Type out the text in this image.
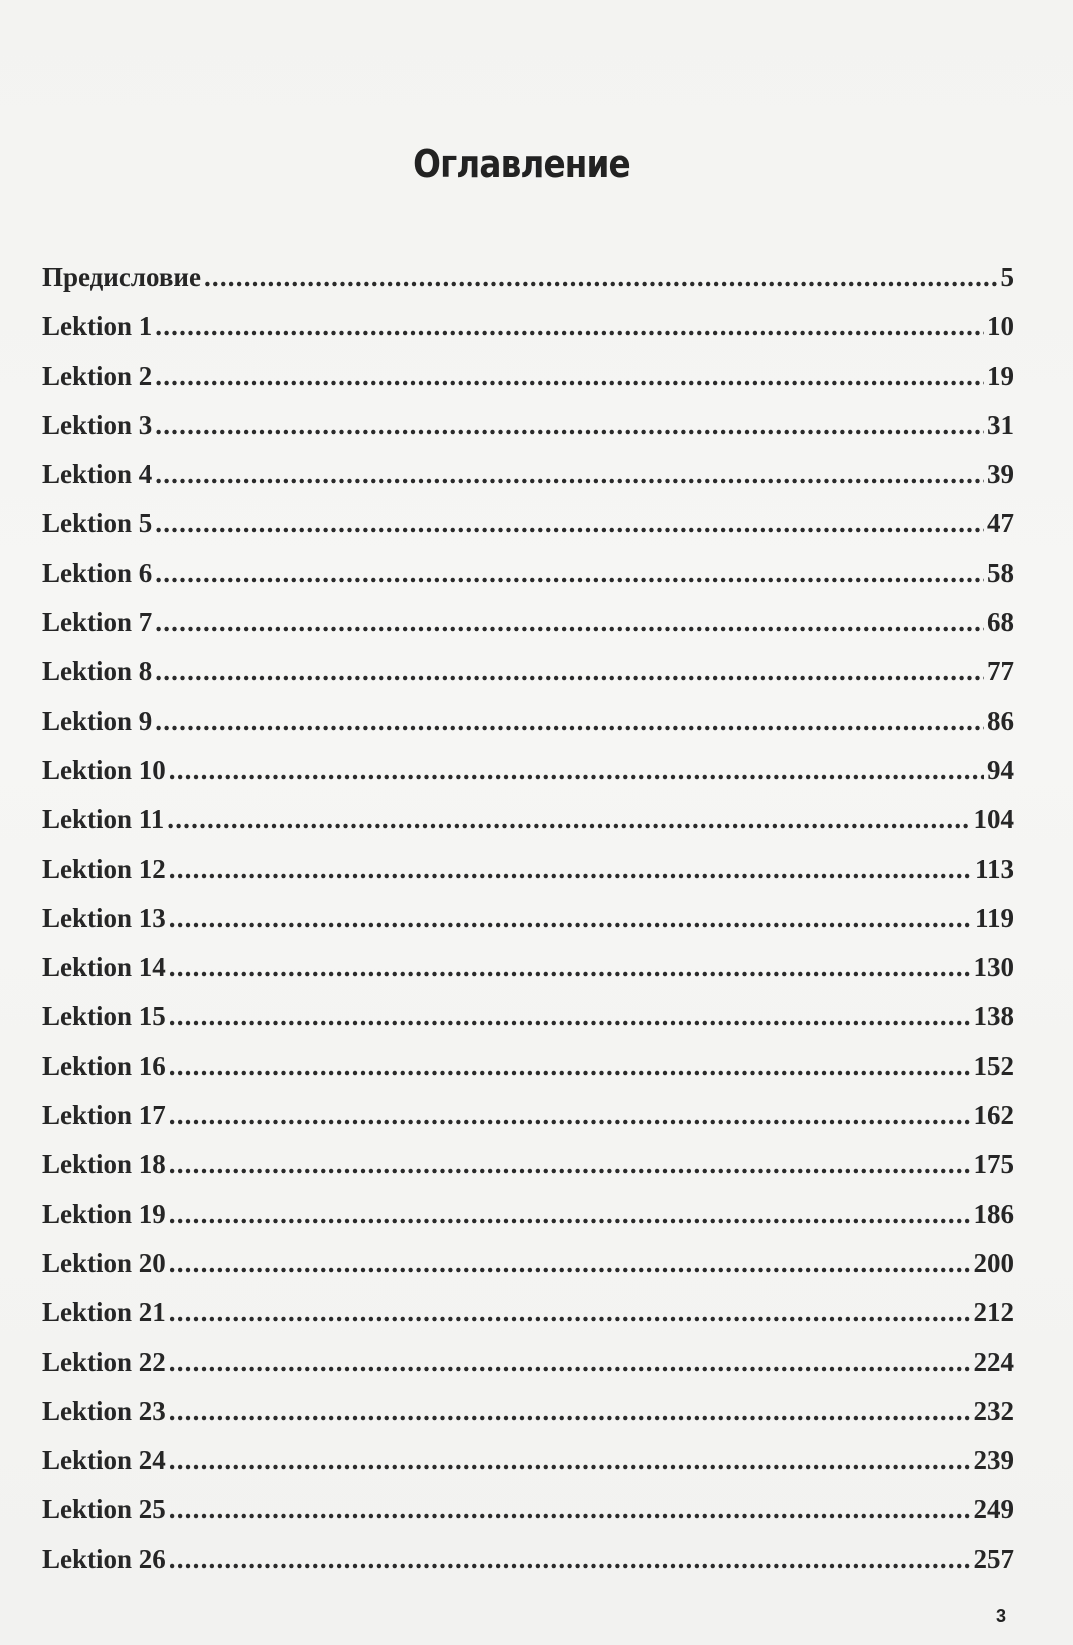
Оглавление
Предисловие .....	5
Lektion 1 .....	10
Lektion 2 .....	19
Lektion 3 .....	31
Lektion 4 .....	39
Lektion 5 .....	47
Lektion 6 .....	58
Lektion 7 .....	68
Lektion 8 .....	77
Lektion 9 .....	86
Lektion 10 .....	94
Lektion 11 .....	104
Lektion 12 .....	113
Lektion 13 .....	119
Lektion 14 .....	130
Lektion 15 .....	138
Lektion 16 .....	152
Lektion 17 .....	162
Lektion 18 .....	175
Lektion 19 .....	186
Lektion 20 .....	200
Lektion 21 .....	212
Lektion 22 .....	224
Lektion 23 .....	232
Lektion 24 .....	239
Lektion 25 .....	249
Lektion 26 .....	257
3
